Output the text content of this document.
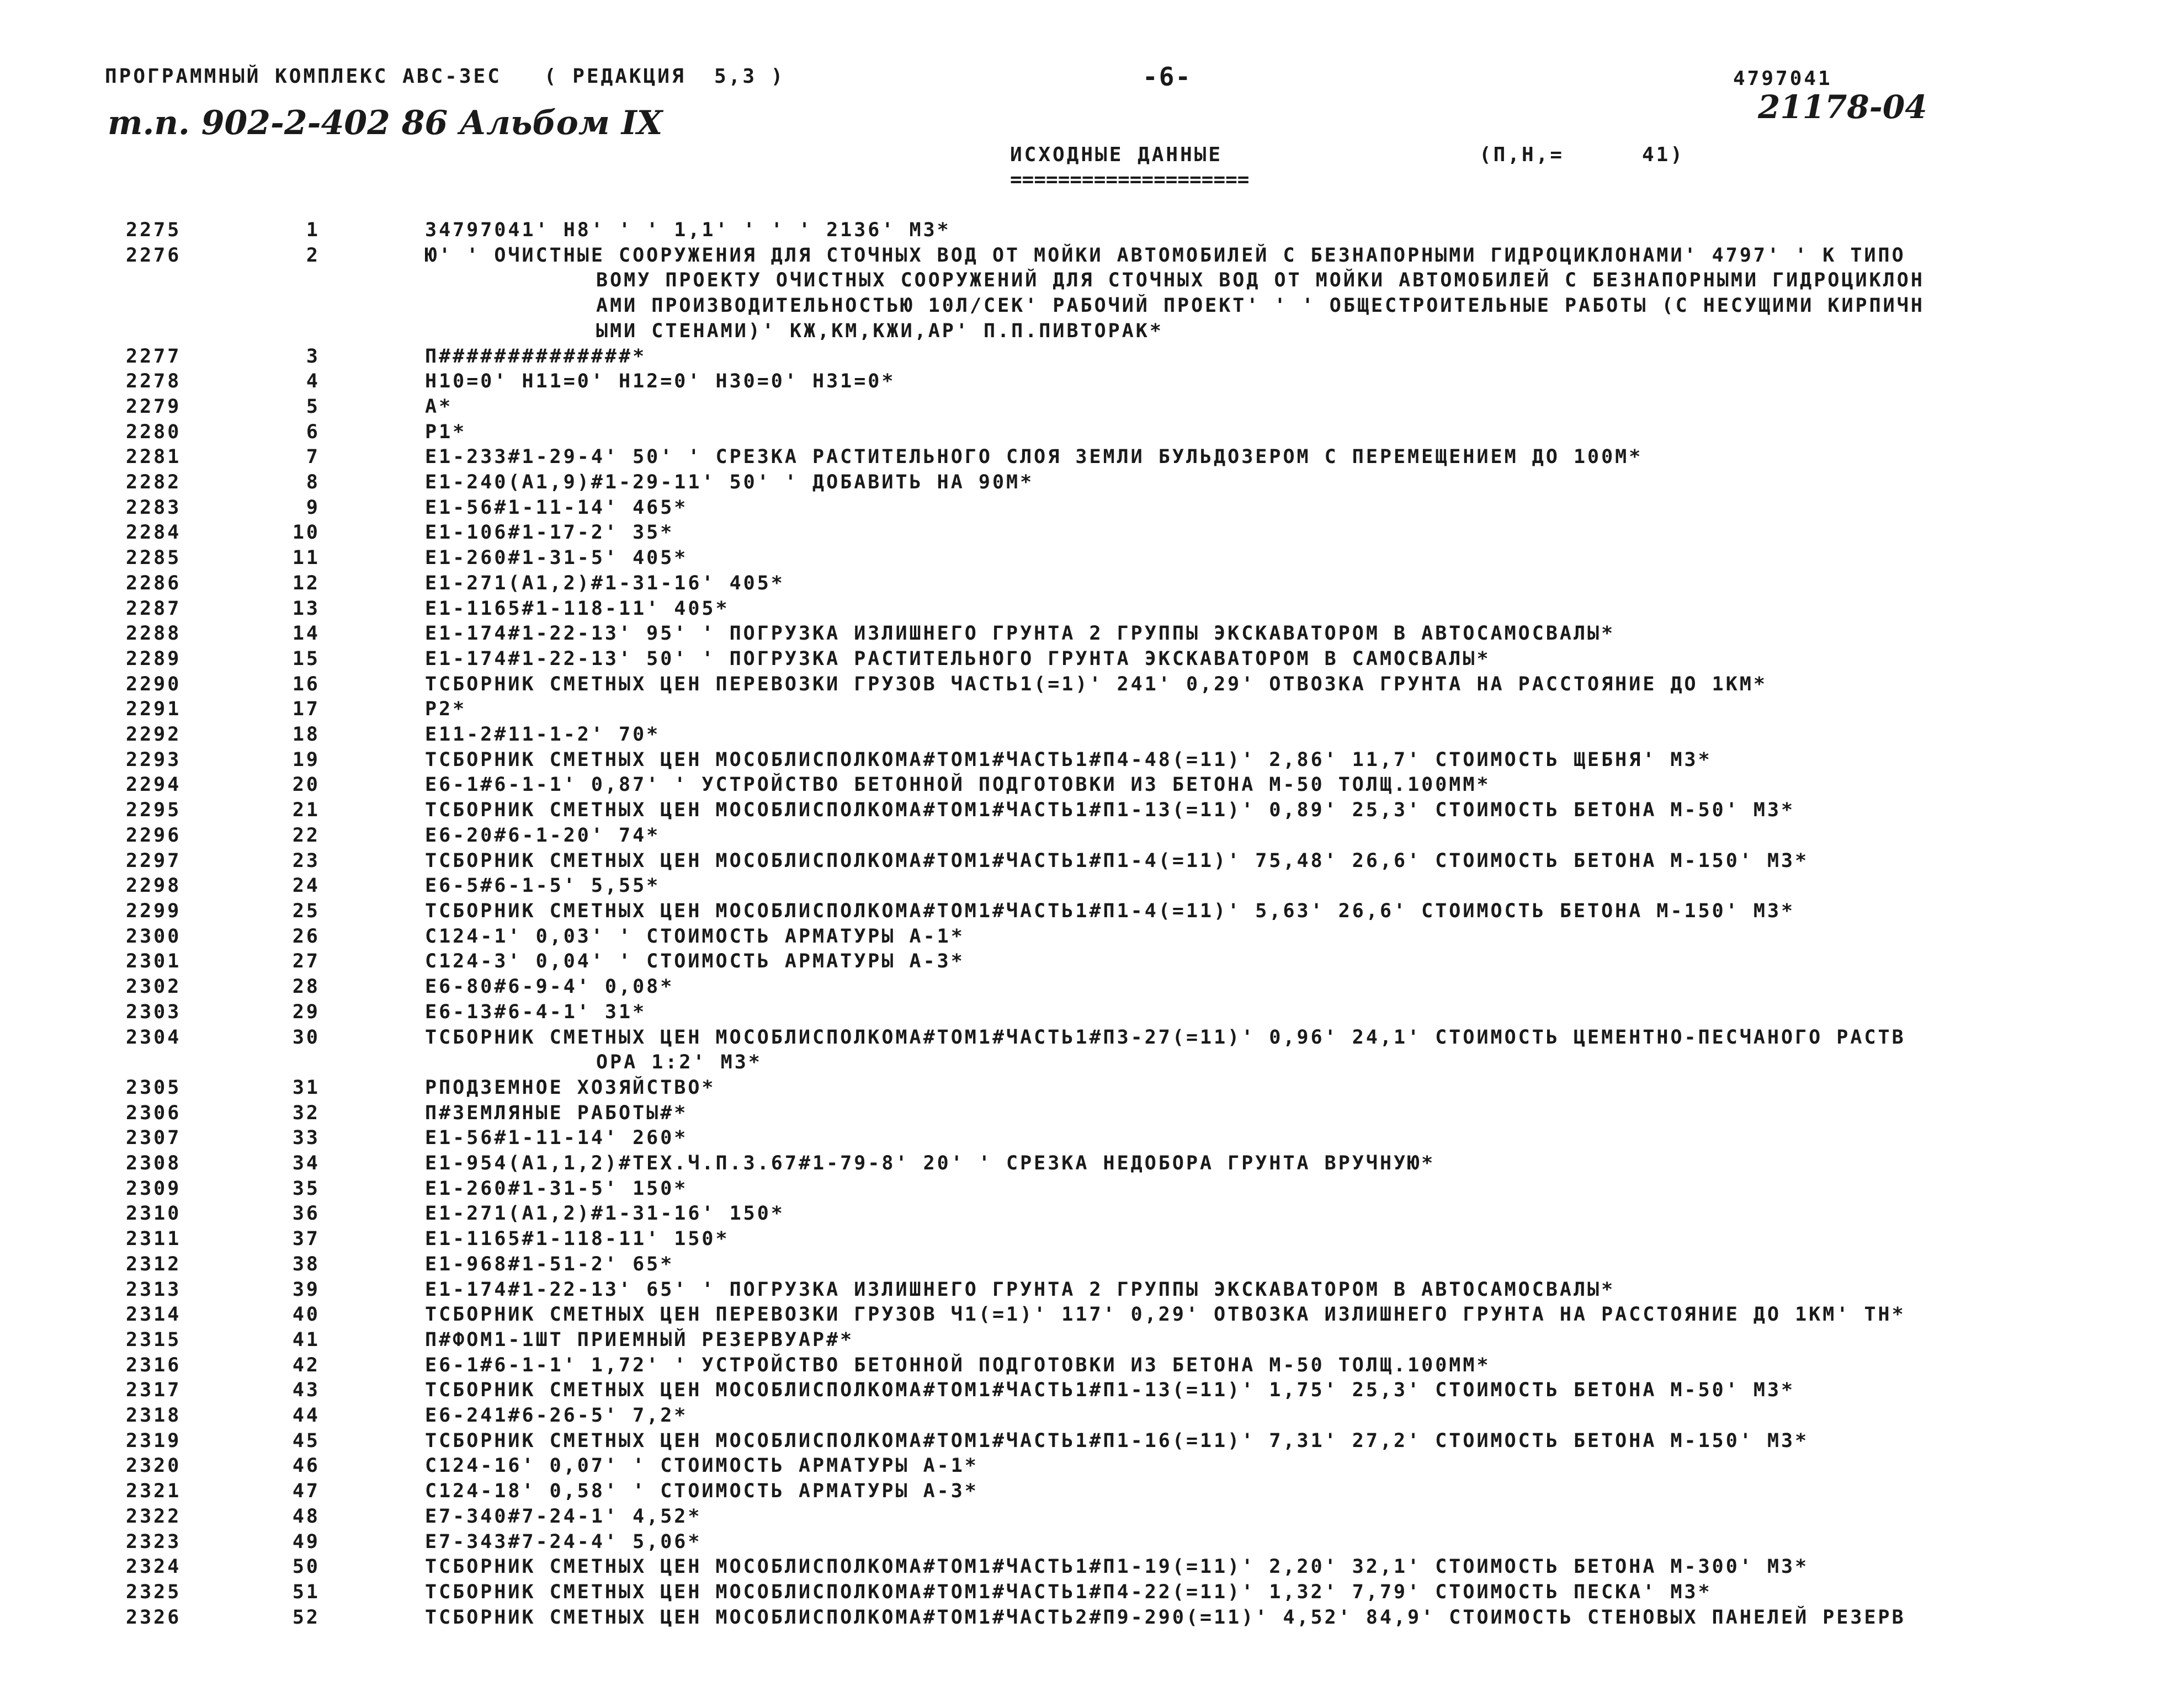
ПРОГРАММНЫЙ КОМПЛЕКС АВС-3ЕС   ( РЕДАКЦИЯ  5,3 )	-6-	4797041
т.п. 902-2-402 86 Альбом IX	21178-04
ИСХОДНЫЕ ДАННЫЕ
====================
(П,Н,=	41)
2275	1	34797041' Н8' ' ' 1,1' ' ' ' 2136' М3*
2276	2	Ю' ' ОЧИСТНЫЕ СООРУЖЕНИЯ ДЛЯ СТОЧНЫХ ВОД ОТ МОЙКИ АВТОМОБИЛЕЙ С БЕЗНАПОРНЫМИ ГИДРОЦИКЛОНАМИ' 4797' ' К ТИПО
ВОМУ ПРОЕКТУ ОЧИСТНЫХ СООРУЖЕНИЙ ДЛЯ СТОЧНЫХ ВОД ОТ МОЙКИ АВТОМОБИЛЕЙ С БЕЗНАПОРНЫМИ ГИДРОЦИКЛОН
АМИ ПРОИЗВОДИТЕЛЬНОСТЬЮ 10Л/СЕК' РАБОЧИЙ ПРОЕКТ' ' ' ОБЩЕСТРОИТЕЛЬНЫЕ РАБОТЫ (С НЕСУЩИМИ КИРПИЧН
ЫМИ СТЕНАМИ)' КЖ,КМ,КЖИ,АР' П.П.ПИВТОРАК*
2277	3	П##############*
2278	4	Н10=0' Н11=0' Н12=0' Н30=0' Н31=0*
2279	5	А*
2280	6	Р1*
2281	7	Е1-233#1-29-4' 50' ' СРЕЗКА РАСТИТЕЛЬНОГО СЛОЯ ЗЕМЛИ БУЛЬДОЗЕРОМ С ПЕРЕМЕЩЕНИЕМ ДО 100М*
2282	8	Е1-240(А1,9)#1-29-11' 50' ' ДОБАВИТЬ НА 90М*
2283	9	Е1-56#1-11-14' 465*
2284	10	Е1-106#1-17-2' 35*
2285	11	Е1-260#1-31-5' 405*
2286	12	Е1-271(А1,2)#1-31-16' 405*
2287	13	Е1-1165#1-118-11' 405*
2288	14	Е1-174#1-22-13' 95' ' ПОГРУЗКА ИЗЛИШНЕГО ГРУНТА 2 ГРУППЫ ЭКСКАВАТОРОМ В АВТОСАМОСВАЛЫ*
2289	15	Е1-174#1-22-13' 50' ' ПОГРУЗКА РАСТИТЕЛЬНОГО ГРУНТА ЭКСКАВАТОРОМ В САМОСВАЛЫ*
2290	16	ТСБОРНИК СМЕТНЫХ ЦЕН ПЕРЕВОЗКИ ГРУЗОВ ЧАСТЬ1(=1)' 241' 0,29' ОТВОЗКА ГРУНТА НА РАССТОЯНИЕ ДО 1КМ*
2291	17	Р2*
2292	18	Е11-2#11-1-2' 70*
2293	19	ТСБОРНИК СМЕТНЫХ ЦЕН МОСОБЛИСПОЛКОМА#ТОМ1#ЧАСТЬ1#П4-48(=11)' 2,86' 11,7' СТОИМОСТЬ ЩЕБНЯ' М3*
2294	20	Е6-1#6-1-1' 0,87' ' УСТРОЙСТВО БЕТОННОЙ ПОДГОТОВКИ ИЗ БЕТОНА М-50 ТОЛЩ.100ММ*
2295	21	ТСБОРНИК СМЕТНЫХ ЦЕН МОСОБЛИСПОЛКОМА#ТОМ1#ЧАСТЬ1#П1-13(=11)' 0,89' 25,3' СТОИМОСТЬ БЕТОНА М-50' М3*
2296	22	Е6-20#6-1-20' 74*
2297	23	ТСБОРНИК СМЕТНЫХ ЦЕН МОСОБЛИСПОЛКОМА#ТОМ1#ЧАСТЬ1#П1-4(=11)' 75,48' 26,6' СТОИМОСТЬ БЕТОНА М-150' М3*
2298	24	Е6-5#6-1-5' 5,55*
2299	25	ТСБОРНИК СМЕТНЫХ ЦЕН МОСОБЛИСПОЛКОМА#ТОМ1#ЧАСТЬ1#П1-4(=11)' 5,63' 26,6' СТОИМОСТЬ БЕТОНА М-150' М3*
2300	26	С124-1' 0,03' ' СТОИМОСТЬ АРМАТУРЫ А-1*
2301	27	С124-3' 0,04' ' СТОИМОСТЬ АРМАТУРЫ А-3*
2302	28	Е6-80#6-9-4' 0,08*
2303	29	Е6-13#6-4-1' 31*
2304	30	ТСБОРНИК СМЕТНЫХ ЦЕН МОСОБЛИСПОЛКОМА#ТОМ1#ЧАСТЬ1#П3-27(=11)' 0,96' 24,1' СТОИМОСТЬ ЦЕМЕНТНО-ПЕСЧАНОГО РАСТВ
ОРА 1:2' М3*
2305	31	РПОДЗЕМНОЕ ХОЗЯЙСТВО*
2306	32	П#ЗЕМЛЯНЫЕ РАБОТЫ#*
2307	33	Е1-56#1-11-14' 260*
2308	34	Е1-954(А1,1,2)#ТЕХ.Ч.П.3.67#1-79-8' 20' ' СРЕЗКА НЕДОБОРА ГРУНТА ВРУЧНУЮ*
2309	35	Е1-260#1-31-5' 150*
2310	36	Е1-271(А1,2)#1-31-16' 150*
2311	37	Е1-1165#1-118-11' 150*
2312	38	Е1-968#1-51-2' 65*
2313	39	Е1-174#1-22-13' 65' ' ПОГРУЗКА ИЗЛИШНЕГО ГРУНТА 2 ГРУППЫ ЭКСКАВАТОРОМ В АВТОСАМОСВАЛЫ*
2314	40	ТСБОРНИК СМЕТНЫХ ЦЕН ПЕРЕВОЗКИ ГРУЗОВ Ч1(=1)' 117' 0,29' ОТВОЗКА ИЗЛИШНЕГО ГРУНТА НА РАССТОЯНИЕ ДО 1КМ' ТН*
2315	41	П#ФОМ1-1ШТ ПРИЕМНЫЙ РЕЗЕРВУАР#*
2316	42	Е6-1#6-1-1' 1,72' ' УСТРОЙСТВО БЕТОННОЙ ПОДГОТОВКИ ИЗ БЕТОНА М-50 ТОЛЩ.100ММ*
2317	43	ТСБОРНИК СМЕТНЫХ ЦЕН МОСОБЛИСПОЛКОМА#ТОМ1#ЧАСТЬ1#П1-13(=11)' 1,75' 25,3' СТОИМОСТЬ БЕТОНА М-50' М3*
2318	44	Е6-241#6-26-5' 7,2*
2319	45	ТСБОРНИК СМЕТНЫХ ЦЕН МОСОБЛИСПОЛКОМА#ТОМ1#ЧАСТЬ1#П1-16(=11)' 7,31' 27,2' СТОИМОСТЬ БЕТОНА М-150' М3*
2320	46	С124-16' 0,07' ' СТОИМОСТЬ АРМАТУРЫ А-1*
2321	47	С124-18' 0,58' ' СТОИМОСТЬ АРМАТУРЫ А-3*
2322	48	Е7-340#7-24-1' 4,52*
2323	49	Е7-343#7-24-4' 5,06*
2324	50	ТСБОРНИК СМЕТНЫХ ЦЕН МОСОБЛИСПОЛКОМА#ТОМ1#ЧАСТЬ1#П1-19(=11)' 2,20' 32,1' СТОИМОСТЬ БЕТОНА М-300' М3*
2325	51	ТСБОРНИК СМЕТНЫХ ЦЕН МОСОБЛИСПОЛКОМА#ТОМ1#ЧАСТЬ1#П4-22(=11)' 1,32' 7,79' СТОИМОСТЬ ПЕСКА' М3*
2326	52	ТСБОРНИК СМЕТНЫХ ЦЕН МОСОБЛИСПОЛКОМА#ТОМ1#ЧАСТЬ2#П9-290(=11)' 4,52' 84,9' СТОИМОСТЬ СТЕНОВЫХ ПАНЕЛЕЙ РЕЗЕРВ
